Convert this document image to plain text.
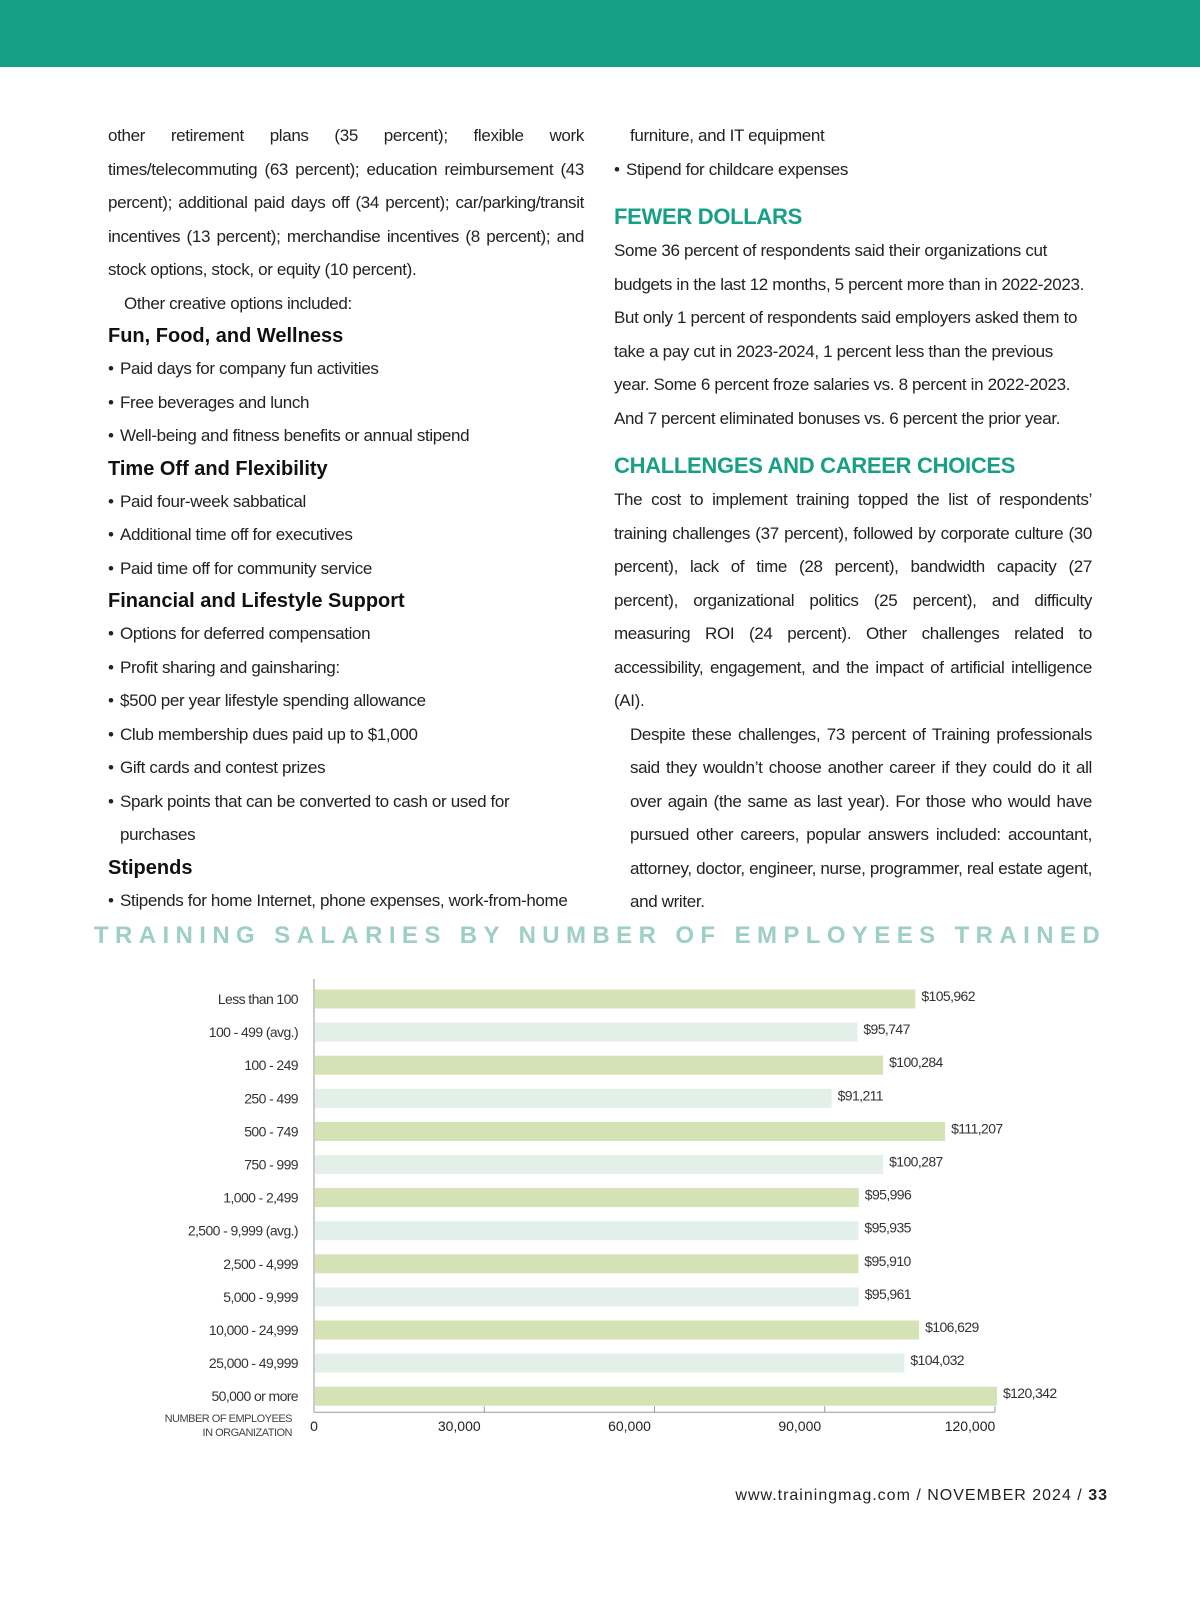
other retirement plans (35 percent); flexible work times/telecommuting (63 percent); education reimbursement (43 percent); additional paid days off (34 percent); car/parking/transit incentives (13 percent); merchandise incentives (8 percent); and stock options, stock, or equity (10 percent).

Other creative options included:

Fun, Food, and Wellness
• Paid days for company fun activities
• Free beverages and lunch
• Well-being and fitness benefits or annual stipend
Time Off and Flexibility
• Paid four-week sabbatical
• Additional time off for executives
• Paid time off for community service
Financial and Lifestyle Support
• Options for deferred compensation
• Profit sharing and gainsharing:
• $500 per year lifestyle spending allowance
• Club membership dues paid up to $1,000
• Gift cards and contest prizes
• Spark points that can be converted to cash or used for purchases
Stipends
• Stipends for home Internet, phone expenses, work-from-home

furniture, and IT equipment

• Stipend for childcare expenses
FEWER DOLLARS

Some 36 percent of respondents said their organizations cut budgets in the last 12 months, 5 percent more than in 2022-2023. But only 1 percent of respondents said employers asked them to take a pay cut in 2023-2024, 1 percent less than the previous year. Some 6 percent froze salaries vs. 8 percent in 2022-2023. And 7 percent eliminated bonuses vs. 6 percent the prior year.

CHALLENGES AND CAREER CHOICES

The cost to implement training topped the list of respondents’ training challenges (37 percent), followed by corporate culture (30 percent), lack of time (28 percent), bandwidth capacity (27 percent), organizational politics (25 percent), and difficulty measuring ROI (24 percent). Other challenges related to accessibility, engagement, and the impact of artificial intelligence (AI).

Despite these challenges, 73 percent of Training professionals said they wouldn’t choose another career if they could do it all over again (the same as last year). For those who would have pursued other careers, popular answers included: accountant, attorney, doctor, engineer, nurse, programmer, real estate agent, and writer.

TRAINING SALARIES BY NUMBER OF EMPLOYEES TRAINED
Less than 100	$105,962
100 - 499 (avg.)	$95,747
100 - 249	$100,284
250 - 499	$91,211
500 - 749	$111,207
750 - 999	$100,287
1,000 - 2,499	$95,996
2,500 - 9,999 (avg.)	$95,935
2,500 - 4,999	$95,910
5,000 - 9,999	$95,961
10,000 - 24,999	$106,629
25,000 - 49,999	$104,032
50,000 or more	$120,342
0	30,000	60,000	90,000	120,000
NUMBER OF EMPLOYEES
IN ORGANIZATION
www.trainingmag.com / NOVEMBER 2024 / 33
